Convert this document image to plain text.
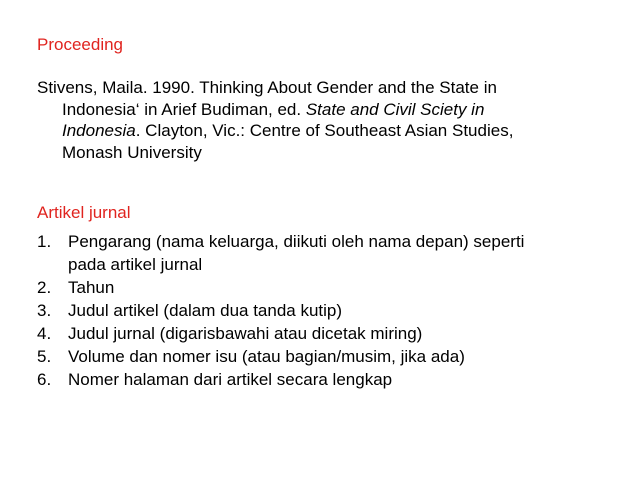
Proceeding
Stivens, Maila. 1990. Thinking About Gender and the State in
Indonesia‘ in Arief Budiman, ed. State and Civil Sciety in
Indonesia. Clayton, Vic.: Centre of Southeast Asian Studies,
Monash University
Artikel jurnal
1. Pengarang (nama keluarga, diikuti oleh nama depan) seperti
pada artikel jurnal
2. Tahun
3. Judul artikel (dalam dua tanda kutip)
4. Judul jurnal (digarisbawahi atau dicetak miring)
5. Volume dan nomer isu (atau bagian/musim, jika ada)
6. Nomer halaman dari artikel secara lengkap
